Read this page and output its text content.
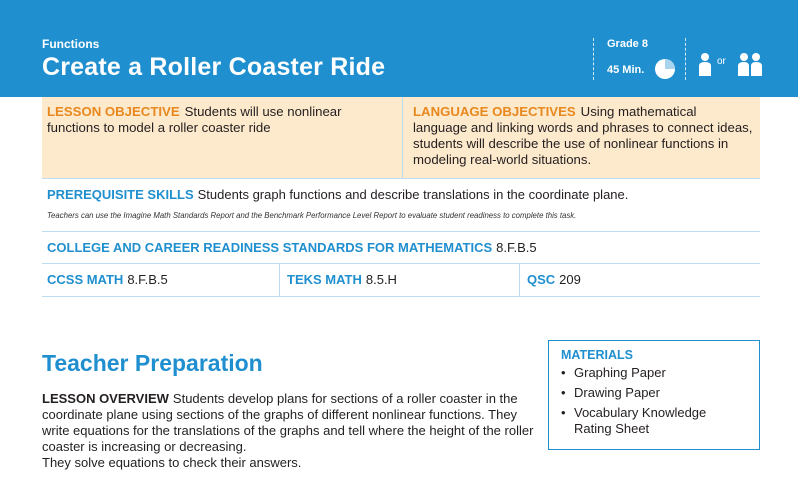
Functions
Create a Roller Coaster Ride
Grade 8
45 Min.
or
LESSON OBJECTIVE Students will use nonlinear functions to model a roller coaster ride
LANGUAGE OBJECTIVES Using mathematical language and linking words and phrases to connect ideas, students will describe the use of nonlinear functions in modeling real-world situations.
PREREQUISITE SKILLS Students graph functions and describe translations in the coordinate plane.
Teachers can use the Imagine Math Standards Report and the Benchmark Performance Level Report to evaluate student readiness to complete this task.
COLLEGE AND CAREER READINESS STANDARDS FOR MATHEMATICS 8.F.B.5
CCSS MATH 8.F.B.5	TEKS MATH 8.5.H	QSC 209
Teacher Preparation
LESSON OVERVIEW Students develop plans for sections of a roller coaster in the coordinate plane using sections of the graphs of different nonlinear functions. They write equations for the translations of the graphs and tell where the height of the roller coaster is increasing or decreasing.
They solve equations to check their answers.
MATERIALS
• Graphing Paper
• Drawing Paper
• Vocabulary Knowledge Rating Sheet
